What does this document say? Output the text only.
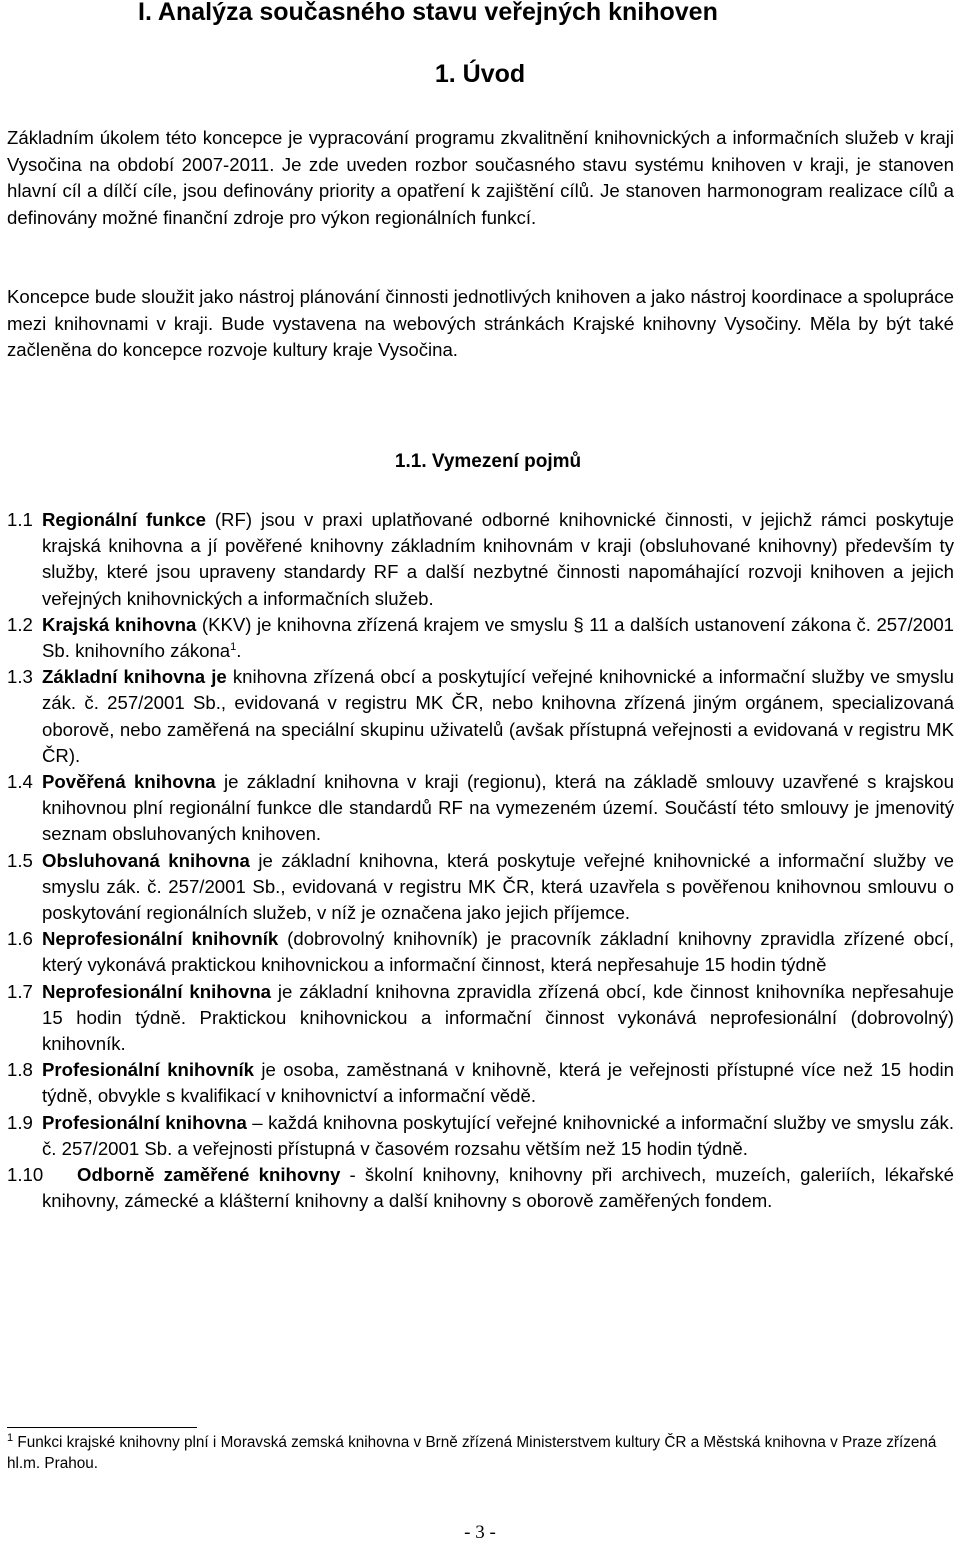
I. Analýza současného stavu veřejných knihoven
1. Úvod

Základním úkolem této koncepce je vypracování programu zkvalitnění knihovnických a informačních služeb v kraji Vysočina na období 2007-2011. Je zde uveden rozbor současného stavu systému knihoven v kraji, je stanoven hlavní cíl a dílčí cíle, jsou definovány priority a opatření k zajištění cílů. Je stanoven harmonogram realizace cílů a definovány možné finanční zdroje pro výkon regionálních funkcí.

Koncepce bude sloužit jako nástroj plánování činnosti jednotlivých knihoven a jako nástroj koordinace a spolupráce mezi knihovnami v kraji. Bude vystavena na webových stránkách Krajské knihovny Vysočiny. Měla by být také začleněna do koncepce rozvoje kultury kraje Vysočina.

1.1. Vymezení pojmů

1.1 Regionální funkce (RF) jsou v praxi uplatňované odborné knihovnické činnosti, v jejichž rámci poskytuje krajská knihovna a jí pověřené knihovny základním knihovnám v kraji (obsluhované knihovny) především ty služby, které jsou upraveny standardy RF a další nezbytné činnosti napomáhající rozvoji knihoven a jejich veřejných knihovnických a informačních služeb.

1.2 Krajská knihovna (KKV) je knihovna zřízená krajem ve smyslu § 11 a dalších ustanovení zákona č. 257/2001 Sb. knihovního zákona$^1$.

1.3 Základní knihovna je knihovna zřízená obcí a poskytující veřejné knihovnické a informační služby ve smyslu zák. č. 257/2001 Sb., evidovaná v registru MK ČR, nebo knihovna zřízená jiným orgánem, specializovaná oborově, nebo zaměřená na speciální skupinu uživatelů (avšak přístupná veřejnosti a evidovaná v registru MK ČR).

1.4 Pověřená knihovna je základní knihovna v kraji (regionu), která na základě smlouvy uzavřené s krajskou knihovnou plní regionální funkce dle standardů RF na vymezeném území. Součástí této smlouvy je jmenovitý seznam obsluhovaných knihoven.

1.5 Obsluhovaná knihovna je základní knihovna, která poskytuje veřejné knihovnické a informační služby ve smyslu zák. č. 257/2001 Sb., evidovaná v registru MK ČR, která uzavřela s pověřenou knihovnou smlouvu o poskytování regionálních služeb, v níž je označena jako jejich příjemce.

1.6 Neprofesionální knihovník (dobrovolný knihovník) je pracovník základní knihovny zpravidla zřízené obcí, který vykonává praktickou knihovnickou a informační činnost, která nepřesahuje 15 hodin týdně

1.7 Neprofesionální knihovna je základní knihovna zpravidla zřízená obcí, kde činnost knihovníka nepřesahuje 15 hodin týdně. Praktickou knihovnickou a informační činnost vykonává neprofesionální (dobrovolný) knihovník.

1.8 Profesionální knihovník je osoba, zaměstnaná v knihovně, která je veřejnosti přístupné více než 15 hodin týdně, obvykle s kvalifikací v knihovnictví a informační vědě.

1.9 Profesionální knihovna – každá knihovna poskytující veřejné knihovnické a informační služby ve smyslu zák. č. 257/2001 Sb. a veřejnosti přístupná v časovém rozsahu větším než 15 hodin týdně.

1.10 Odborně zaměřené knihovny - školní knihovny, knihovny při archivech, muzeích, galeriích, lékařské knihovny, zámecké a klášterní knihovny a další knihovny s oborově zaměřených fondem.

$^1$ Funkci krajské knihovny plní i Moravská zemská knihovna v Brně zřízená Ministerstvem kultury ČR a Městská knihovna v Praze zřízená hl.m. Prahou.

- 3 -
